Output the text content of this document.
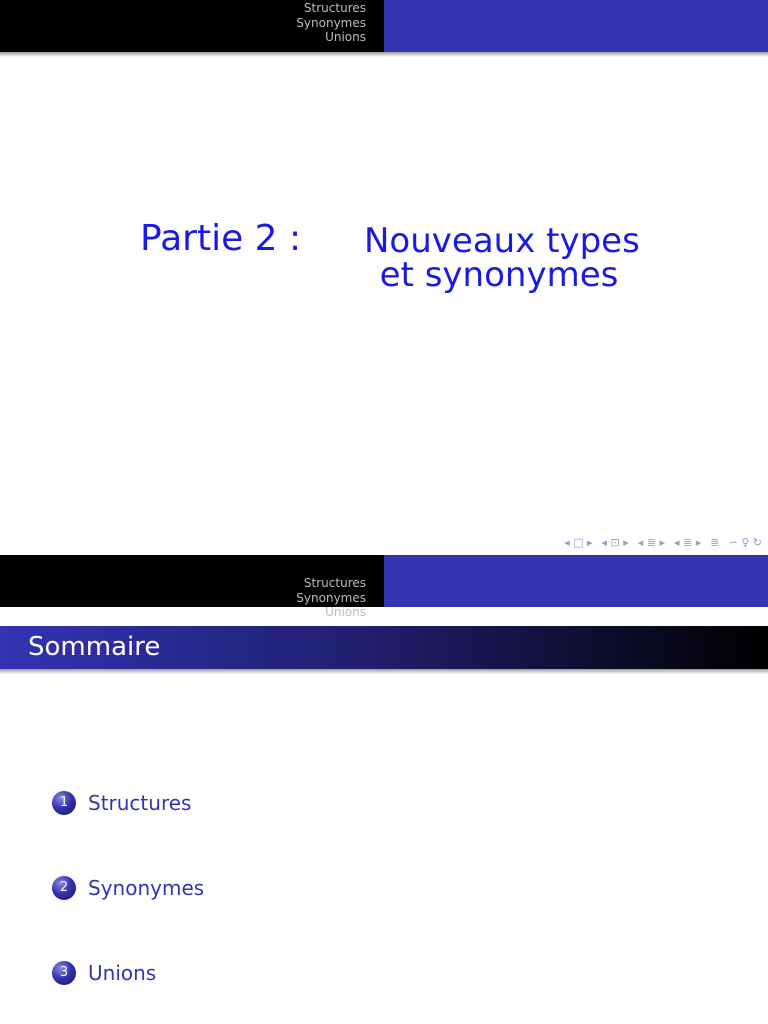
Structures
Synonymes
Unions
Partie 2 : Nouveaux types
et synonymes
◂ □ ▸ ◂ ⊡ ▸ ◂ ≣ ▸ ◂ ≣ ▸ ≣ ∽ ♀ ↻
Structures
Synonymes
Unions
Sommaire
1 Structures
2 Synonymes
3 Unions
